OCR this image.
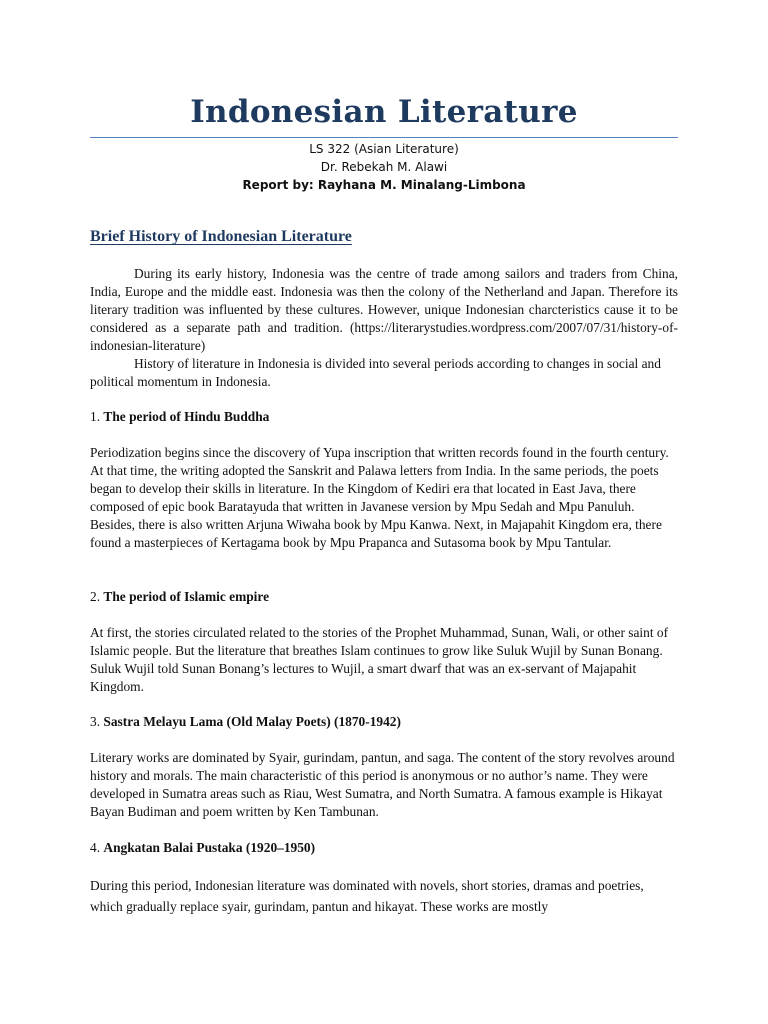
Indonesian Literature
LS 322 (Asian Literature)
Dr. Rebekah M. Alawi
Report by: Rayhana M. Minalang-Limbona
Brief History of Indonesian Literature

During its early history, Indonesia was the centre of trade among sailors and traders from China, India, Europe and the middle east. Indonesia was then the colony of the Netherland and Japan. Therefore its literary tradition was influented by these cultures. However, unique Indonesian charcteristics cause it to be considered as a separate path and tradition. (https://literarystudies.wordpress.com/2007/07/31/history-of-indonesian-literature)

History of literature in Indonesia is divided into several periods according to changes in social and political momentum in Indonesia.

1. The period of Hindu Buddha

Periodization begins since the discovery of Yupa inscription that written records found in the fourth century. At that time, the writing adopted the Sanskrit and Palawa letters from India. In the same periods, the poets began to develop their skills in literature. In the Kingdom of Kediri era that located in East Java, there composed of epic book Baratayuda that written in Javanese version by Mpu Sedah and Mpu Panuluh. Besides, there is also written Arjuna Wiwaha book by Mpu Kanwa. Next, in Majapahit Kingdom era, there found a masterpieces of Kertagama book by Mpu Prapanca and Sutasoma book by Mpu Tantular.

2. The period of Islamic empire

At first, the stories circulated related to the stories of the Prophet Muhammad, Sunan, Wali, or other saint of Islamic people. But the literature that breathes Islam continues to grow like Suluk Wujil by Sunan Bonang. Suluk Wujil told Sunan Bonang’s lectures to Wujil, a smart dwarf that was an ex-servant of Majapahit Kingdom.

3. Sastra Melayu Lama (Old Malay Poets) (1870-1942)

Literary works are dominated by Syair, gurindam, pantun, and saga. The content of the story revolves around history and morals. The main characteristic of this period is anonymous or no author’s name. They were developed in Sumatra areas such as Riau, West Sumatra, and North Sumatra. A famous example is Hikayat Bayan Budiman and poem written by Ken Tambunan.

4. Angkatan Balai Pustaka (1920–1950)

During this period, Indonesian literature was dominated with novels, short stories, dramas and poetries, which gradually replace syair, gurindam, pantun and hikayat. These works are mostly
